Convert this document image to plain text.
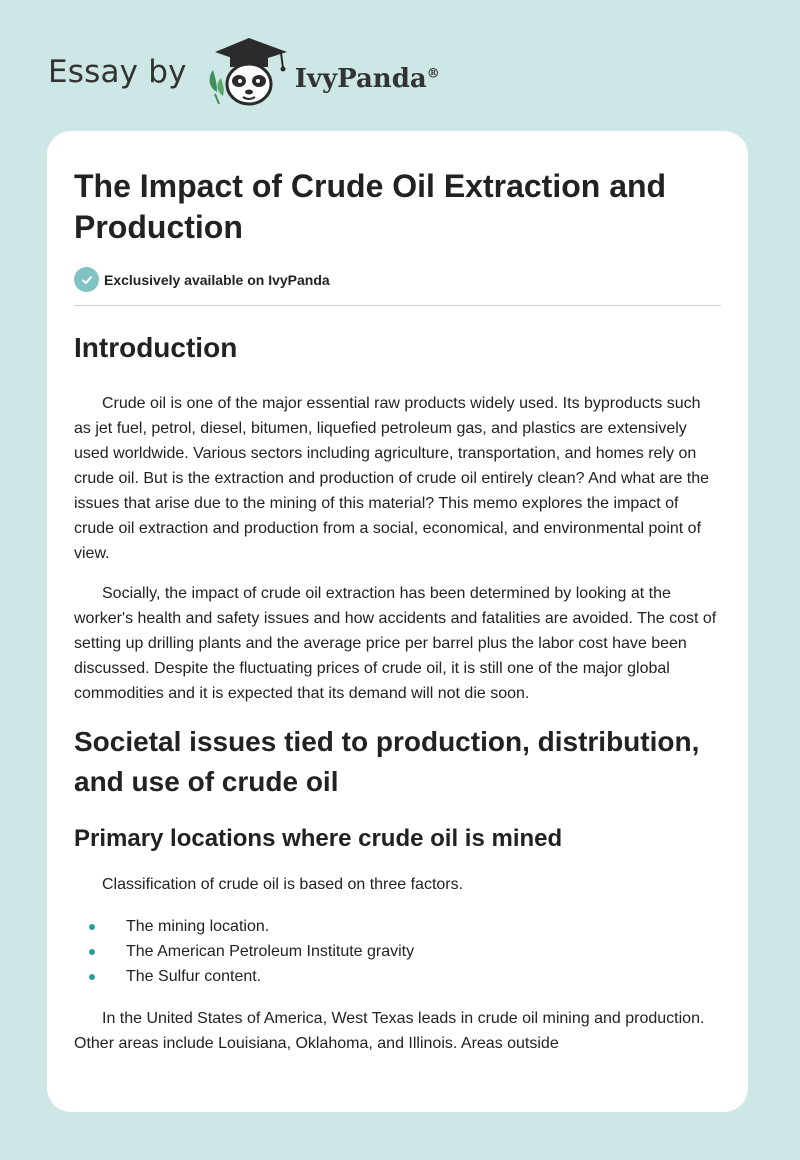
Essay by	IvyPanda®
The Impact of Crude Oil Extraction and Production
Exclusively available on IvyPanda
Introduction

Crude oil is one of the major essential raw products widely used. Its byproducts such as jet fuel, petrol, diesel, bitumen, liquefied petroleum gas, and plastics are extensively used worldwide. Various sectors including agriculture, transportation, and homes rely on crude oil. But is the extraction and production of crude oil entirely clean? And what are the issues that arise due to the mining of this material? This memo explores the impact of crude oil extraction and production from a social, economical, and environmental point of view.

Socially, the impact of crude oil extraction has been determined by looking at the worker's health and safety issues and how accidents and fatalities are avoided. The cost of setting up drilling plants and the average price per barrel plus the labor cost have been discussed. Despite the fluctuating prices of crude oil, it is still one of the major global commodities and it is expected that its demand will not die soon.

Societal issues tied to production, distribution, and use of crude oil
Primary locations where crude oil is mined

Classification of crude oil is based on three factors.

The mining location.
The American Petroleum Institute gravity
The Sulfur content.

In the United States of America, West Texas leads in crude oil mining and production. Other areas include Louisiana, Oklahoma, and Illinois. Areas outside
